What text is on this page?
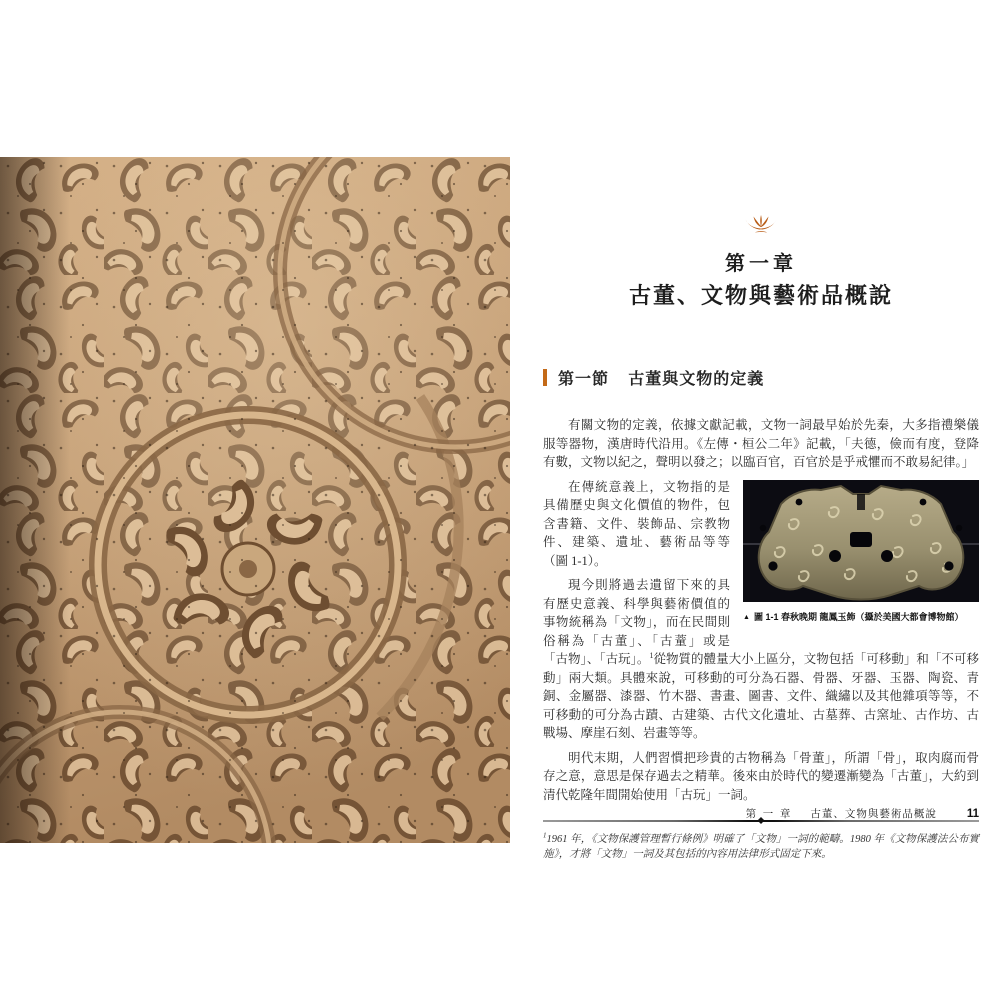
第一章
古董、文物與藝術品概說
第一節 古董與文物的定義

有關文物的定義，依據文獻記載，文物一詞最早始於先秦，大多指禮樂儀服等器物，漢唐時代沿用。《左傳・桓公二年》記載，「夫德，儉而有度，登降有數，文物以紀之，聲明以發之；以臨百官，百官於是乎戒懼而不敢易紀律。」

▲ 圖 1-1 春秋晚期 龍鳳玉飾（攝於美國大都會博物館）

在傳統意義上，文物指的是具備歷史與文化價值的物件，包含書籍、文件、裝飾品、宗教物件、建築、遺址、藝術品等等（圖 1-1）。

現今則將過去遺留下來的具有歷史意義、科學與藝術價值的事物統稱為「文物」，而在民間則俗稱為「古董」、「古蕫」或是「古物」、「古玩」。$^1$從物質的體量大小上區分，文物包括「可移動」和「不可移動」兩大類。具體來說，可移動的可分為石器、骨器、牙器、玉器、陶瓷、青銅、金屬器、漆器、竹木器、書畫、圖書、文件、織繡以及其他雜項等等，不可移動的可分為古蹟、古建築、古代文化遺址、古墓葬、古窯址、古作坊、古戰場、摩崖石刻、岩畫等等。

明代末期，人們習慣把珍貴的古物稱為「骨董」，所謂「骨」，取肉腐而骨存之意，意思是保存過去之精華。後來由於時代的變遷漸變為「古董」，大約到清代乾隆年間開始使用「古玩」一詞。

$^1$1961 年，《文物保護管理暫行條例》明確了「文物」一詞的範疇。1980 年《文物保護法公布實施》，才將「文物」一詞及其包括的內容用法律形式固定下來。
第 一 章 古董、文物與藝術品概說	11
